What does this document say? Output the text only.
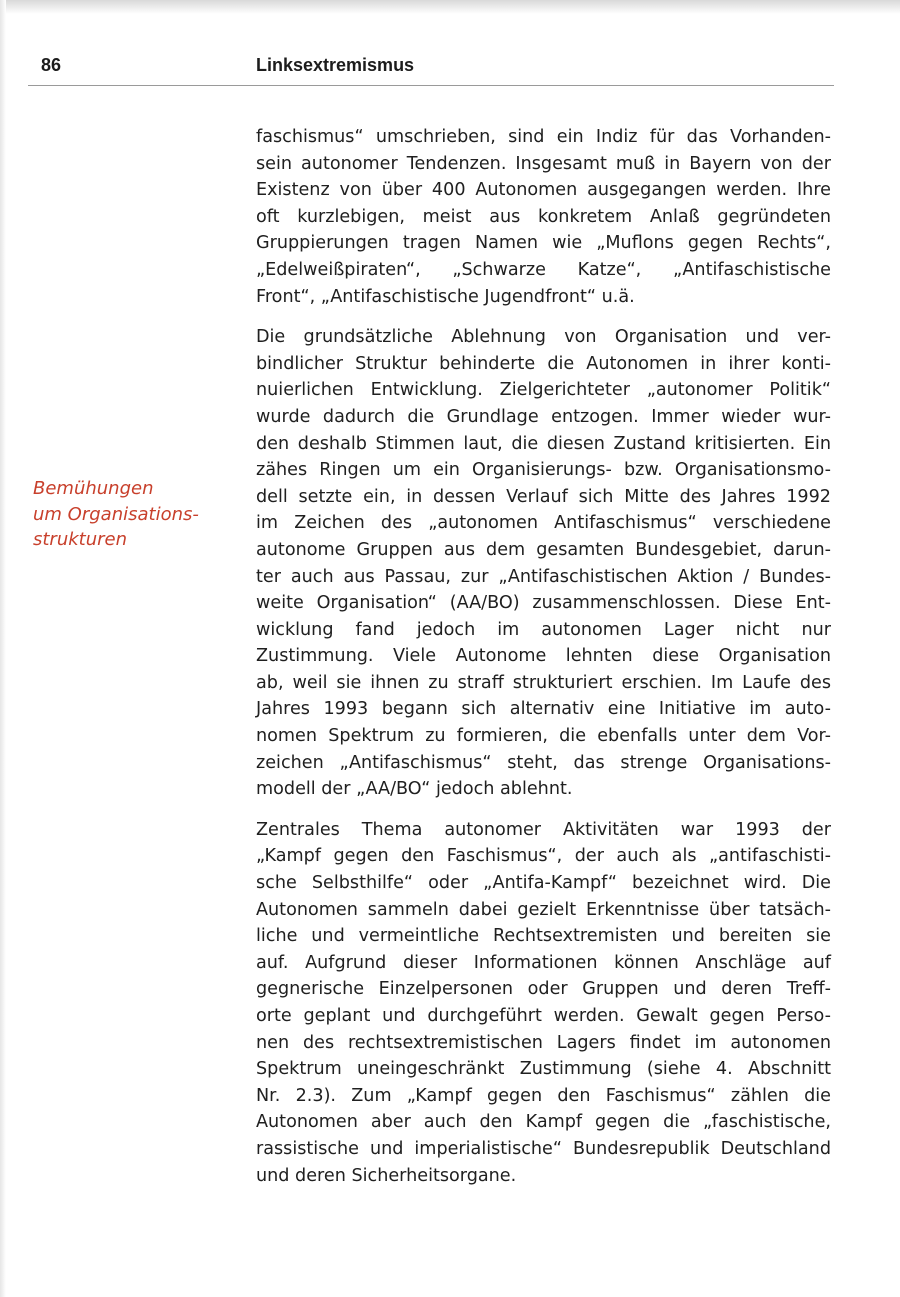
86	Linksextremismus
Bemühungen
um Organisations-
strukturen
faschismus“ umschrieben, sind ein Indiz für das Vorhanden-
sein autonomer Tendenzen. Insgesamt muß in Bayern von der
Existenz von über 400 Autonomen ausgegangen werden. Ihre
oft kurzlebigen, meist aus konkretem Anlaß gegründeten
Gruppierungen tragen Namen wie „Muflons gegen Rechts“,
„Edelweißpiraten“, „Schwarze Katze“, „Antifaschistische
Front“, „Antifaschistische Jugendfront“ u.ä.
Die grundsätzliche Ablehnung von Organisation und ver-
bindlicher Struktur behinderte die Autonomen in ihrer konti-
nuierlichen Entwicklung. Zielgerichteter „autonomer Politik“
wurde dadurch die Grundlage entzogen. Immer wieder wur-
den deshalb Stimmen laut, die diesen Zustand kritisierten. Ein
zähes Ringen um ein Organisierungs- bzw. Organisationsmo-
dell setzte ein, in dessen Verlauf sich Mitte des Jahres 1992
im Zeichen des „autonomen Antifaschismus“ verschiedene
autonome Gruppen aus dem gesamten Bundesgebiet, darun-
ter auch aus Passau, zur „Antifaschistischen Aktion / Bundes-
weite Organisation“ (AA/BO) zusammenschlossen. Diese Ent-
wicklung fand jedoch im autonomen Lager nicht nur
Zustimmung. Viele Autonome lehnten diese Organisation
ab, weil sie ihnen zu straff strukturiert erschien. Im Laufe des
Jahres 1993 begann sich alternativ eine Initiative im auto-
nomen Spektrum zu formieren, die ebenfalls unter dem Vor-
zeichen „Antifaschismus“ steht, das strenge Organisations-
modell der „AA/BO“ jedoch ablehnt.
Zentrales Thema autonomer Aktivitäten war 1993 der
„Kampf gegen den Faschismus“, der auch als „antifaschisti-
sche Selbsthilfe“ oder „Antifa-Kampf“ bezeichnet wird. Die
Autonomen sammeln dabei gezielt Erkenntnisse über tatsäch-
liche und vermeintliche Rechtsextremisten und bereiten sie
auf. Aufgrund dieser Informationen können Anschläge auf
gegnerische Einzelpersonen oder Gruppen und deren Treff-
orte geplant und durchgeführt werden. Gewalt gegen Perso-
nen des rechtsextremistischen Lagers findet im autonomen
Spektrum uneingeschränkt Zustimmung (siehe 4. Abschnitt
Nr. 2.3). Zum „Kampf gegen den Faschismus“ zählen die
Autonomen aber auch den Kampf gegen die „faschistische,
rassistische und imperialistische“ Bundesrepublik Deutschland
und deren Sicherheitsorgane.
